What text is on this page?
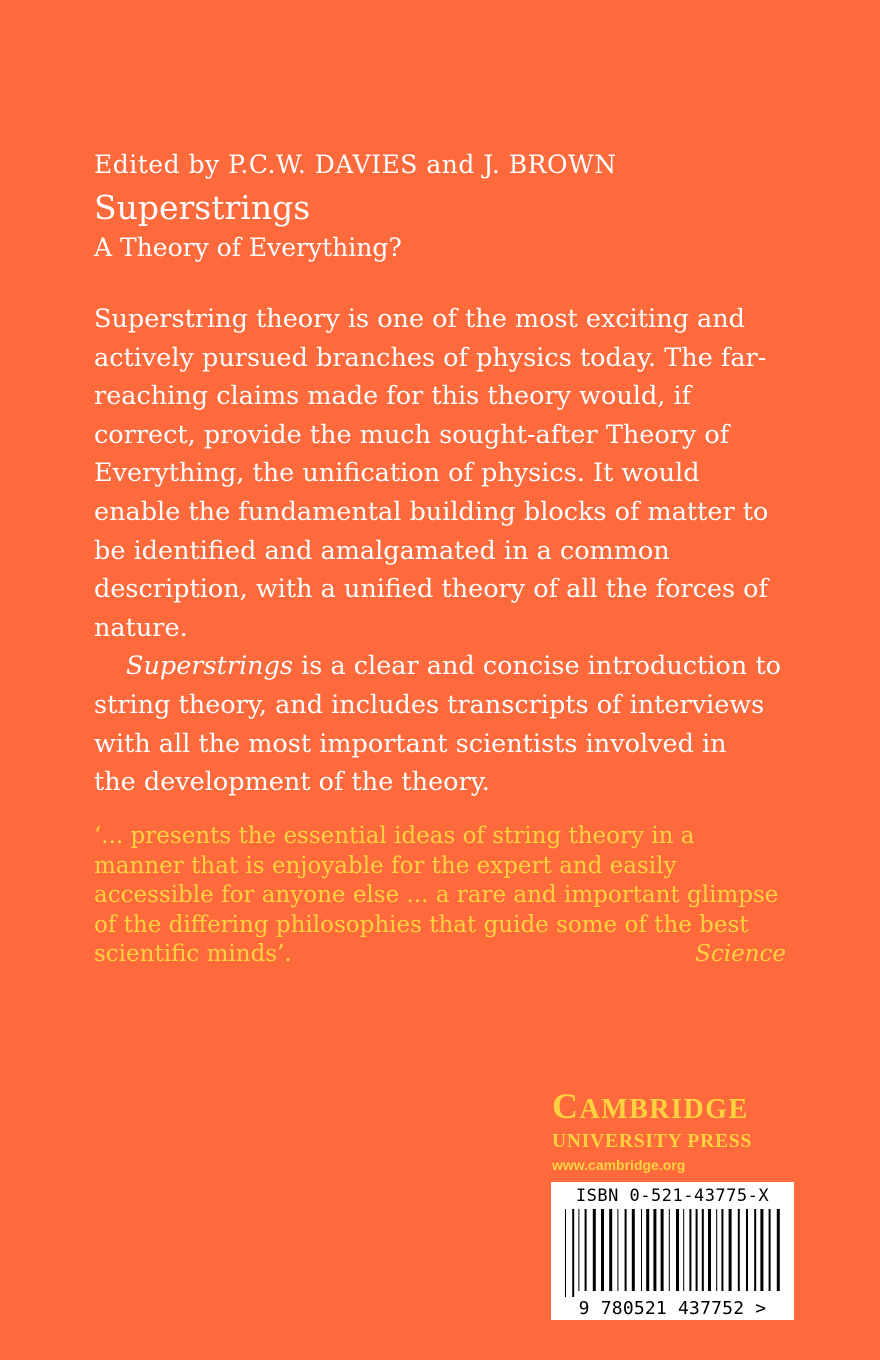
Edited by P.C.W. DAVIES and J. BROWN
Superstrings
A Theory of Everything?
Superstring theory is one of the most exciting and
actively pursued branches of physics today. The far-
reaching claims made for this theory would, if
correct, provide the much sought-after Theory of
Everything, the unification of physics. It would
enable the fundamental building blocks of matter to
be identified and amalgamated in a common
description, with a unified theory of all the forces of
nature.
Superstrings is a clear and concise introduction to
string theory, and includes transcripts of interviews
with all the most important scientists involved in
the development of the theory.
‘... presents the essential ideas of string theory in a
manner that is enjoyable for the expert and easily
accessible for anyone else ... a rare and important glimpse
of the differing philosophies that guide some of the best
scientific minds’.	Science
CAMBRIDGE
UNIVERSITY PRESS
www.cambridge.org
ISBN 0-521-43775-X
9 780521 437752 >
